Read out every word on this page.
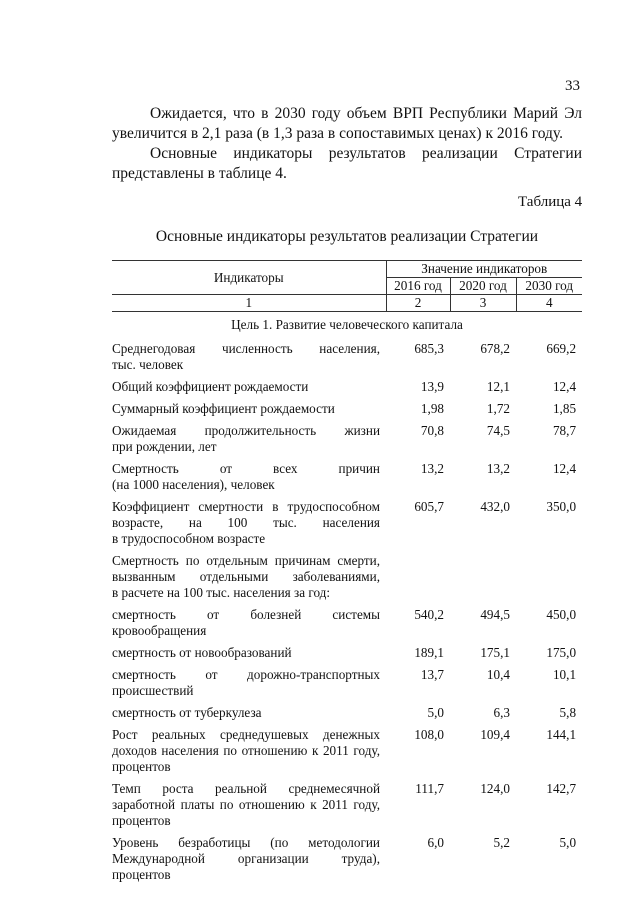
33
Ожидается, что в 2030 году объем ВРП Республики Марий Эл
увеличится в 2,1 раза (в 1,3 раза в сопоставимых ценах) к 2016 году.
Основные индикаторы результатов реализации Стратегии
представлены в таблице 4.
Таблица 4
Основные индикаторы результатов реализации Стратегии
Индикаторы	Значение индикаторов		
	2016 год	2020 год	2030 год
1	2	3	4
Цель 1. Развитие человеческого капитала			

Среднегодовая численность населения,
тыс. человек	685,3	678,2	669,2

Общий коэффициент рождаемости	13,9	12,1	12,4

Суммарный коэффициент рождаемости	1,98	1,72	1,85

Ожидаемая продолжительность жизни
при рождении, лет	70,8	74,5	78,7

Смертность от всех причин
(на 1000 населения), человек	13,2	13,2	12,4

Коэффициент смертности в трудоспособном
возрасте, на 100 тыс. населения
в трудоспособном возрасте	605,7	432,0	350,0

Смертность по отдельным причинам смерти,
вызванным отдельными заболеваниями,
в расчете на 100 тыс. населения за год:			

смертность от болезней системы
кровообращения	540,2	494,5	450,0

смертность от новообразований	189,1	175,1	175,0

смертность от дорожно-транспортных
происшествий	13,7	10,4	10,1

смертность от туберкулеза	5,0	6,3	5,8

Рост реальных среднедушевых денежных
доходов населения по отношению к 2011 году,
процентов	108,0	109,4	144,1

Темп роста реальной среднемесячной
заработной платы по отношению к 2011 году,
процентов	111,7	124,0	142,7

Уровень безработицы (по методологии
Международной организации труда),
процентов	6,0	5,2	5,0
